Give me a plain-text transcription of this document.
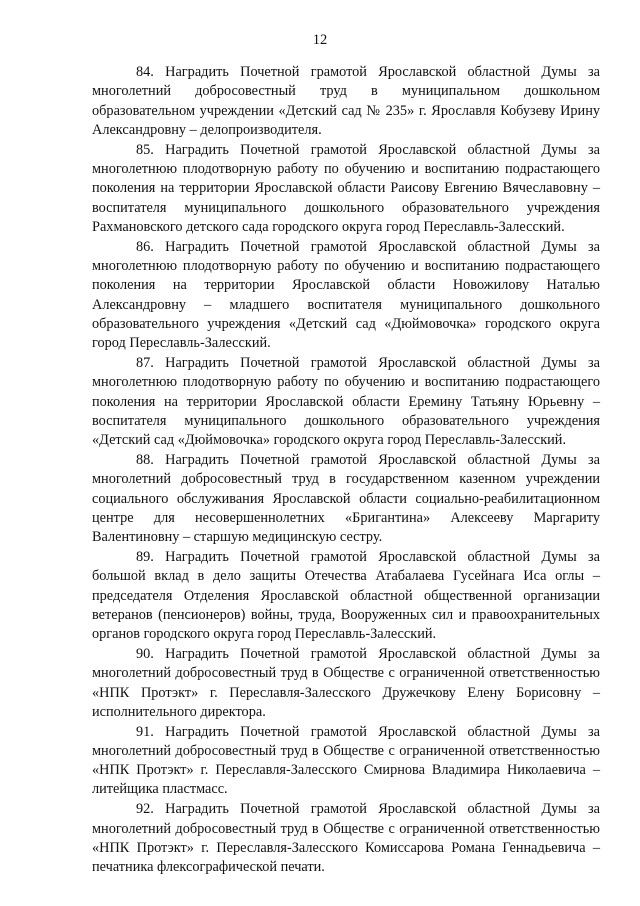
12

84. Наградить Почетной грамотой Ярославской областной Думы за многолетний добросовестный труд в муниципальном дошкольном образовательном учреждении «Детский сад № 235» г. Ярославля Кобузеву Ирину Александровну – делопроизводителя.

85. Наградить Почетной грамотой Ярославской областной Думы за многолетнюю плодотворную работу по обучению и воспитанию подрастающего поколения на территории Ярославской области Раисову Евгению Вячеславовну – воспитателя муниципального дошкольного образовательного учреждения Рахмановского детского сада городского округа город Переславль-Залесский.

86. Наградить Почетной грамотой Ярославской областной Думы за многолетнюю плодотворную работу по обучению и воспитанию подрастающего поколения на территории Ярославской области Новожилову Наталью Александровну – младшего воспитателя муниципального дошкольного образовательного учреждения «Детский сад «Дюймовочка» городского округа город Переславль-Залесский.

87. Наградить Почетной грамотой Ярославской областной Думы за многолетнюю плодотворную работу по обучению и воспитанию подрастающего поколения на территории Ярославской области Еремину Татьяну Юрьевну – воспитателя муниципального дошкольного образовательного учреждения «Детский сад «Дюймовочка» городского округа город Переславль-Залесский.

88. Наградить Почетной грамотой Ярославской областной Думы за многолетний добросовестный труд в государственном казенном учреждении социального обслуживания Ярославской области социально-реабилитационном центре для несовершеннолетних «Бригантина» Алексееву Маргариту Валентиновну – старшую медицинскую сестру.

89. Наградить Почетной грамотой Ярославской областной Думы за большой вклад в дело защиты Отечества Атабалаева Гусейнага Иса оглы – председателя Отделения Ярославской областной общественной организации ветеранов (пенсионеров) войны, труда, Вооруженных сил и правоохранительных органов городского округа город Переславль-Залесский.

90. Наградить Почетной грамотой Ярославской областной Думы за многолетний добросовестный труд в Обществе с ограниченной ответственностью «НПК Протэкт» г. Переславля-Залесского Дружечкову Елену Борисовну – исполнительного директора.

91. Наградить Почетной грамотой Ярославской областной Думы за многолетний добросовестный труд в Обществе с ограниченной ответственностью «НПК Протэкт» г. Переславля-Залесского Смирнова Владимира Николаевича – литейщика пластмасс.

92. Наградить Почетной грамотой Ярославской областной Думы за многолетний добросовестный труд в Обществе с ограниченной ответственностью «НПК Протэкт» г. Переславля-Залесского Комиссарова Романа Геннадьевича – печатника флексографической печати.
